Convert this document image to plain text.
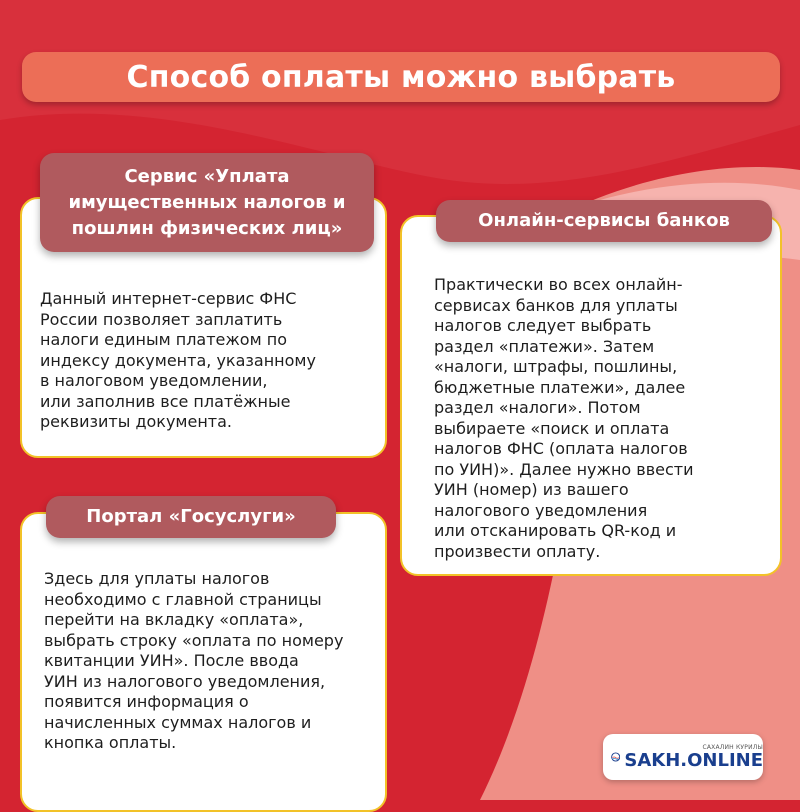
Способ оплаты можно выбрать

Данный интернет-сервис ФНС
России позволяет заплатить
налоги единым платежом по
индексу документа, указанному
в налоговом уведомлении,
или заполнив все платёжные
реквизиты документа.

Сервис «Уплата
имущественных налогов и
пошлин физических лиц»

Практически во всех онлайн-
сервисах банков для уплаты
налогов следует выбрать
раздел «платежи». Затем
«налоги, штрафы, пошлины,
бюджетные платежи», далее
раздел «налоги». Потом
выбираете «поиск и оплата
налогов ФНС (оплата налогов
по УИН)». Далее нужно ввести
УИН (номер) из вашего
налогового уведомления
или отсканировать QR-код и
произвести оплату.

Онлайн-сервисы банков

Здесь для уплаты налогов
необходимо с главной страницы
перейти на вкладку «оплата»,
выбрать строку «оплата по номеру
квитанции УИН». После ввода
УИН из налогового уведомления,
появится информация о
начисленных суммах налогов и
кнопка оплаты.

Портал «Госуслуги»
САХАЛИН КУРИЛЫ
SAKH.ONLINE
